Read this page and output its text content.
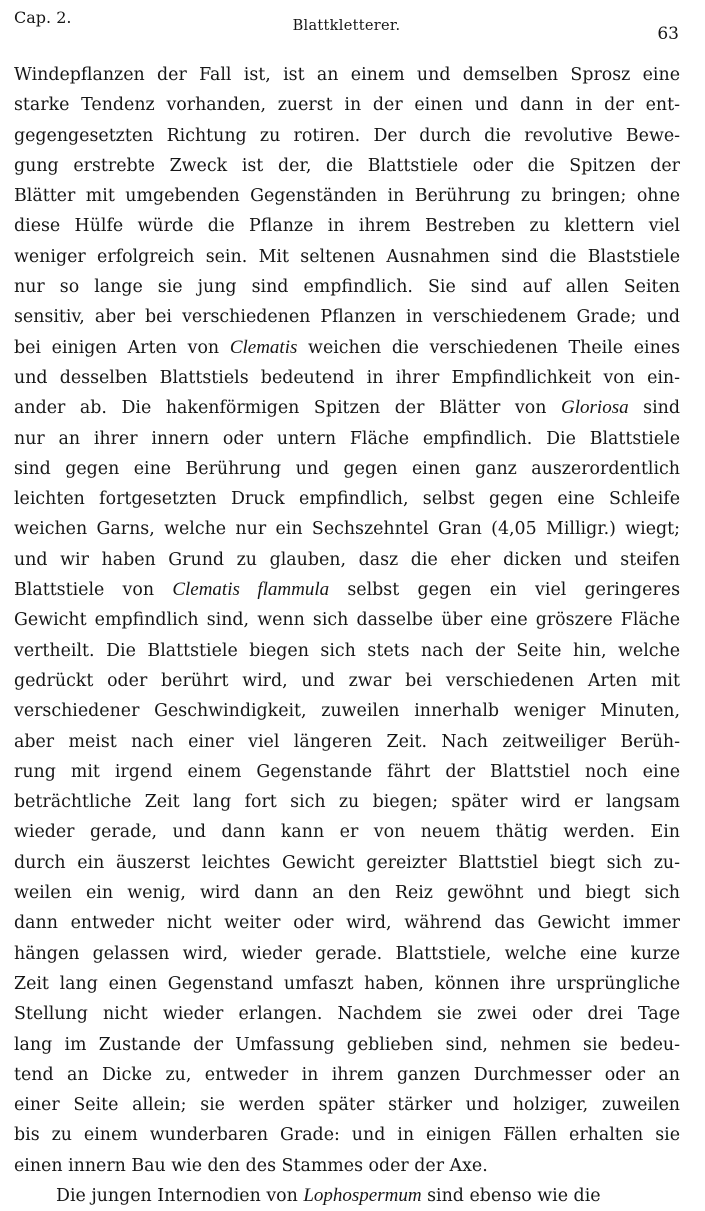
Cap. 2.	Blattkletterer.	63
Windepflanzen der Fall ist, ist an einem und demselben Sprosz eine
starke Tendenz vorhanden, zuerst in der einen und dann in der ent-
gegengesetzten Richtung zu rotiren. Der durch die revolutive Bewe-
gung erstrebte Zweck ist der, die Blattstiele oder die Spitzen der
Blätter mit umgebenden Gegenständen in Berührung zu bringen; ohne
diese Hülfe würde die Pflanze in ihrem Bestreben zu klettern viel
weniger erfolgreich sein. Mit seltenen Ausnahmen sind die Blaststiele
nur so lange sie jung sind empfindlich. Sie sind auf allen Seiten
sensitiv, aber bei verschiedenen Pflanzen in verschiedenem Grade; und
bei einigen Arten von Clematis weichen die verschiedenen Theile eines
und desselben Blattstiels bedeutend in ihrer Empfindlichkeit von ein-
ander ab. Die hakenförmigen Spitzen der Blätter von Gloriosa sind
nur an ihrer innern oder untern Fläche empfindlich. Die Blattstiele
sind gegen eine Berührung und gegen einen ganz auszerordentlich
leichten fortgesetzten Druck empfindlich, selbst gegen eine Schleife
weichen Garns, welche nur ein Sechszehntel Gran (4,05 Milligr.) wiegt;
und wir haben Grund zu glauben, dasz die eher dicken und steifen
Blattstiele von Clematis flammula selbst gegen ein viel geringeres
Gewicht empfindlich sind, wenn sich dasselbe über eine gröszere Fläche
vertheilt. Die Blattstiele biegen sich stets nach der Seite hin, welche
gedrückt oder berührt wird, und zwar bei verschiedenen Arten mit
verschiedener Geschwindigkeit, zuweilen innerhalb weniger Minuten,
aber meist nach einer viel längeren Zeit. Nach zeitweiliger Berüh-
rung mit irgend einem Gegenstande fährt der Blattstiel noch eine
beträchtliche Zeit lang fort sich zu biegen; später wird er langsam
wieder gerade, und dann kann er von neuem thätig werden. Ein
durch ein äuszerst leichtes Gewicht gereizter Blattstiel biegt sich zu-
weilen ein wenig, wird dann an den Reiz gewöhnt und biegt sich
dann entweder nicht weiter oder wird, während das Gewicht immer
hängen gelassen wird, wieder gerade. Blattstiele, welche eine kurze
Zeit lang einen Gegenstand umfaszt haben, können ihre ursprüngliche
Stellung nicht wieder erlangen. Nachdem sie zwei oder drei Tage
lang im Zustande der Umfassung geblieben sind, nehmen sie bedeu-
tend an Dicke zu, entweder in ihrem ganzen Durchmesser oder an
einer Seite allein; sie werden später stärker und holziger, zuweilen
bis zu einem wunderbaren Grade: und in einigen Fällen erhalten sie
einen innern Bau wie den des Stammes oder der Axe.
Die jungen Internodien von Lophospermum sind ebenso wie die
